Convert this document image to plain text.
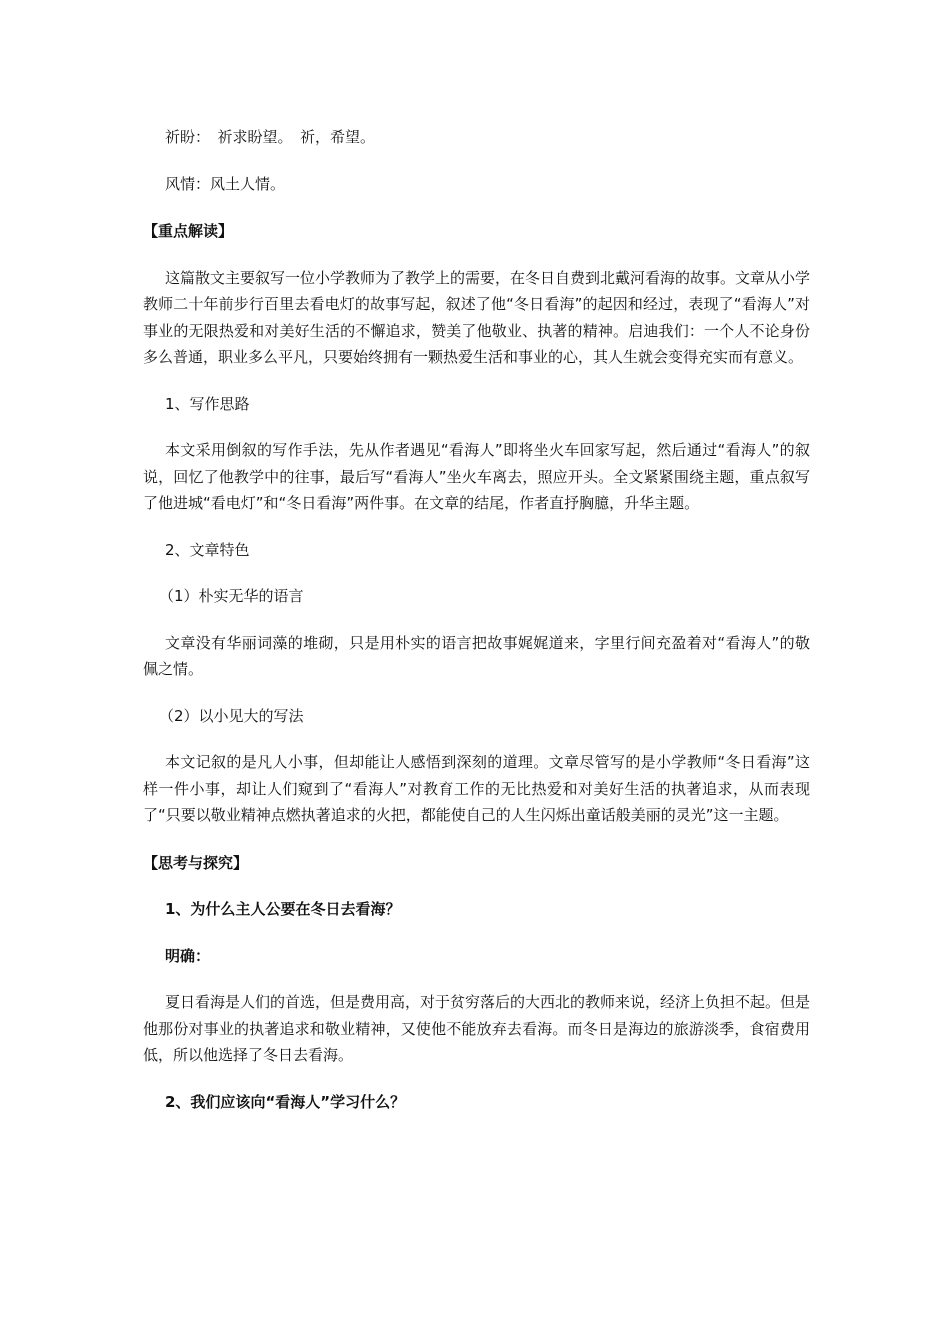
祈盼：　祈求盼望。　祈，希望。

风情：风土人情。

【重点解读】

这篇散文主要叙写一位小学教师为了教学上的需要，在冬日自费到北戴河看海的故事。文章从小学教师二十年前步行百里去看电灯的故事写起，叙述了他“冬日看海”的起因和经过，表现了“看海人”对事业的无限热爱和对美好生活的不懈追求，赞美了他敬业、执著的精神。启迪我们：一个人不论身份多么普通，职业多么平凡，只要始终拥有一颗热爱生活和事业的心，其人生就会变得充实而有意义。

1、写作思路

本文采用倒叙的写作手法，先从作者遇见“看海人”即将坐火车回家写起，然后通过“看海人”的叙说，回忆了他教学中的往事，最后写“看海人”坐火车离去，照应开头。全文紧紧围绕主题，重点叙写了他进城“看电灯”和“冬日看海”两件事。在文章的结尾，作者直抒胸臆，升华主题。

2、文章特色

（1）朴实无华的语言

文章没有华丽词藻的堆砌，只是用朴实的语言把故事娓娓道来，字里行间充盈着对“看海人”的敬佩之情。

（2）以小见大的写法

本文记叙的是凡人小事，但却能让人感悟到深刻的道理。文章尽管写的是小学教师“冬日看海”这样一件小事，却让人们窥到了“看海人”对教育工作的无比热爱和对美好生活的执著追求，从而表现了“只要以敬业精神点燃执著追求的火把，都能使自己的人生闪烁出童话般美丽的灵光”这一主题。

【思考与探究】

1、为什么主人公要在冬日去看海？

明确：

夏日看海是人们的首选，但是费用高，对于贫穷落后的大西北的教师来说，经济上负担不起。但是他那份对事业的执著追求和敬业精神，又使他不能放弃去看海。而冬日是海边的旅游淡季，食宿费用低，所以他选择了冬日去看海。

2、我们应该向“看海人”学习什么？
